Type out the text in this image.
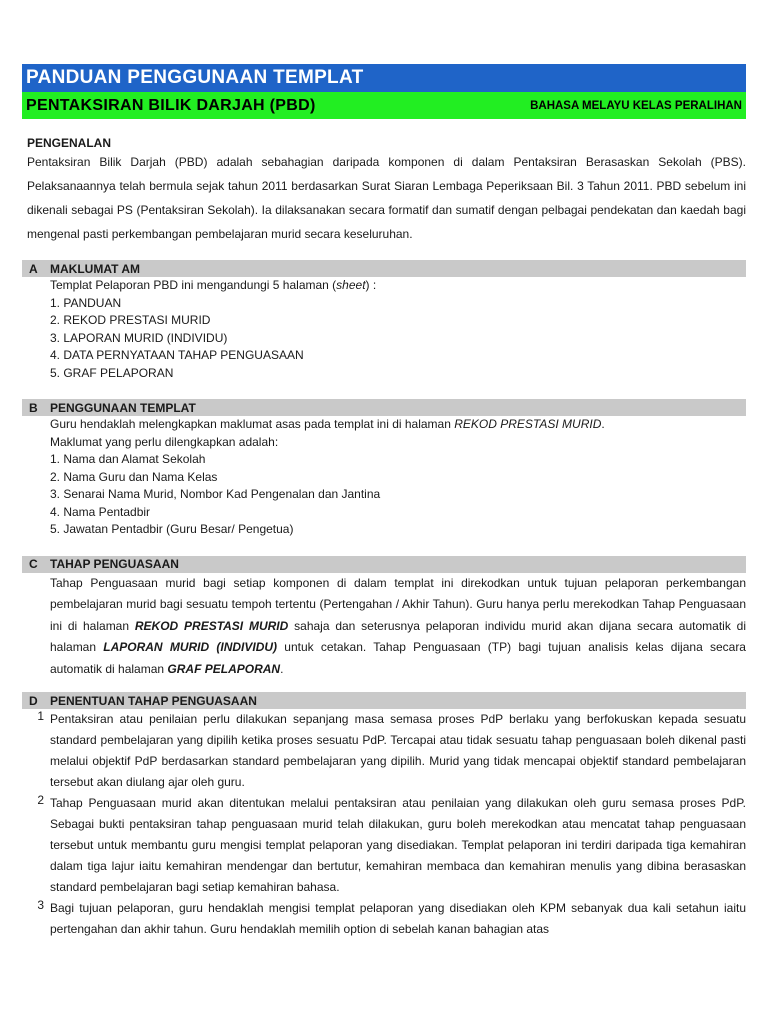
PANDUAN PENGGUNAAN TEMPLAT
PENTAKSIRAN BILIK DARJAH (PBD)	BAHASA MELAYU KELAS PERALIHAN
PENGENALAN
Pentaksiran Bilik Darjah (PBD) adalah sebahagian daripada komponen di dalam Pentaksiran Berasaskan Sekolah (PBS). Pelaksanaannya telah bermula sejak tahun 2011 berdasarkan Surat Siaran Lembaga Peperiksaan Bil. 3 Tahun 2011. PBD sebelum ini dikenali sebagai PS (Pentaksiran Sekolah). Ia dilaksanakan secara formatif dan sumatif dengan pelbagai pendekatan dan kaedah bagi mengenal pasti perkembangan pembelajaran murid secara keseluruhan.
A	MAKLUMAT AM
Templat Pelaporan PBD ini mengandungi 5 halaman (sheet) :
1. PANDUAN
2. REKOD PRESTASI MURID
3. LAPORAN MURID (INDIVIDU)
4. DATA PERNYATAAN TAHAP PENGUASAAN
5. GRAF PELAPORAN
B	PENGGUNAAN TEMPLAT
Guru hendaklah melengkapkan maklumat asas pada templat ini di halaman REKOD PRESTASI MURID.
Maklumat yang perlu dilengkapkan adalah:
1. Nama dan Alamat Sekolah
2. Nama Guru dan Nama Kelas
3. Senarai Nama Murid, Nombor Kad Pengenalan dan Jantina
4. Nama Pentadbir
5. Jawatan Pentadbir (Guru Besar/ Pengetua)
C	TAHAP PENGUASAAN
Tahap Penguasaan murid bagi setiap komponen di dalam templat ini direkodkan untuk tujuan pelaporan perkembangan pembelajaran murid bagi sesuatu tempoh tertentu (Pertengahan / Akhir Tahun). Guru hanya perlu merekodkan Tahap Penguasaan ini di halaman REKOD PRESTASI MURID sahaja dan seterusnya pelaporan individu murid akan dijana secara automatik di halaman LAPORAN MURID (INDIVIDU) untuk cetakan. Tahap Penguasaan (TP) bagi tujuan analisis kelas dijana secara automatik di halaman GRAF PELAPORAN.
D	PENENTUAN TAHAP PENGUASAAN
1 Pentaksiran atau penilaian perlu dilakukan sepanjang masa semasa proses PdP berlaku yang berfokuskan kepada sesuatu standard pembelajaran yang dipilih ketika proses sesuatu PdP. Tercapai atau tidak sesuatu tahap penguasaan boleh dikenal pasti melalui objektif PdP berdasarkan standard pembelajaran yang dipilih. Murid yang tidak mencapai objektif standard pembelajaran tersebut akan diulang ajar oleh guru.
2 Tahap Penguasaan murid akan ditentukan melalui pentaksiran atau penilaian yang dilakukan oleh guru semasa proses PdP. Sebagai bukti pentaksiran tahap penguasaan murid telah dilakukan, guru boleh merekodkan atau mencatat tahap penguasaan tersebut untuk membantu guru mengisi templat pelaporan yang disediakan. Templat pelaporan ini terdiri daripada tiga kemahiran dalam tiga lajur iaitu kemahiran mendengar dan bertutur, kemahiran membaca dan kemahiran menulis yang dibina berasaskan standard pembelajaran bagi setiap kemahiran bahasa.
3 Bagi tujuan pelaporan, guru hendaklah mengisi templat pelaporan yang disediakan oleh KPM sebanyak dua kali setahun iaitu pertengahan dan akhir tahun. Guru hendaklah memilih option di sebelah kanan bahagian atas
